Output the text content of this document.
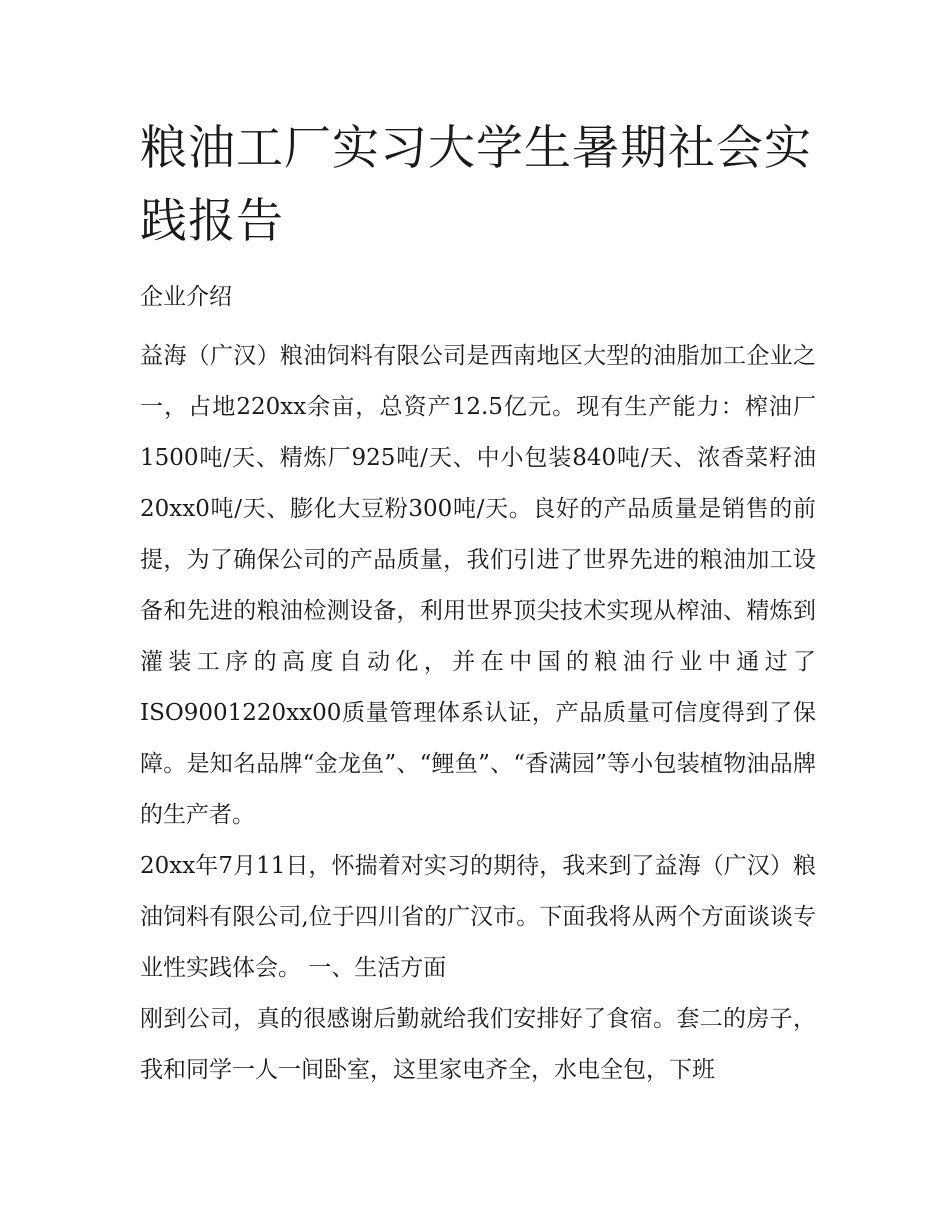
粮油工厂实习大学生暑期社会实践报告
企业介绍

益海（广汉）粮油饲料有限公司是西南地区大型的油脂加工企业之一，占地220xx余亩，总资产12.5亿元。现有生产能力：榨油厂1500吨/天、精炼厂925吨/天、中小包装840吨/天、浓香菜籽油20xx0吨/天、膨化大豆粉300吨/天。良好的产品质量是销售的前提，为了确保公司的产品质量，我们引进了世界先进的粮油加工设备和先进的粮油检测设备，利用世界顶尖技术实现从榨油、精炼到灌装工序的高度自动化，并在中国的粮油行业中通过了ISO9001220xx00质量管理体系认证，产品质量可信度得到了保障。是知名品牌“金龙鱼”、“鲤鱼”、“香满园”等小包装植物油品牌的生产者。

20xx年7月11日，怀揣着对实习的期待，我来到了益海（广汉）粮油饲料有限公司,位于四川省的广汉市。下面我将从两个方面谈谈专业性实践体会。 一、生活方面

刚到公司，真的很感谢后勤就给我们安排好了食宿。套二的房子，我和同学一人一间卧室，这里家电齐全，水电全包，下班
